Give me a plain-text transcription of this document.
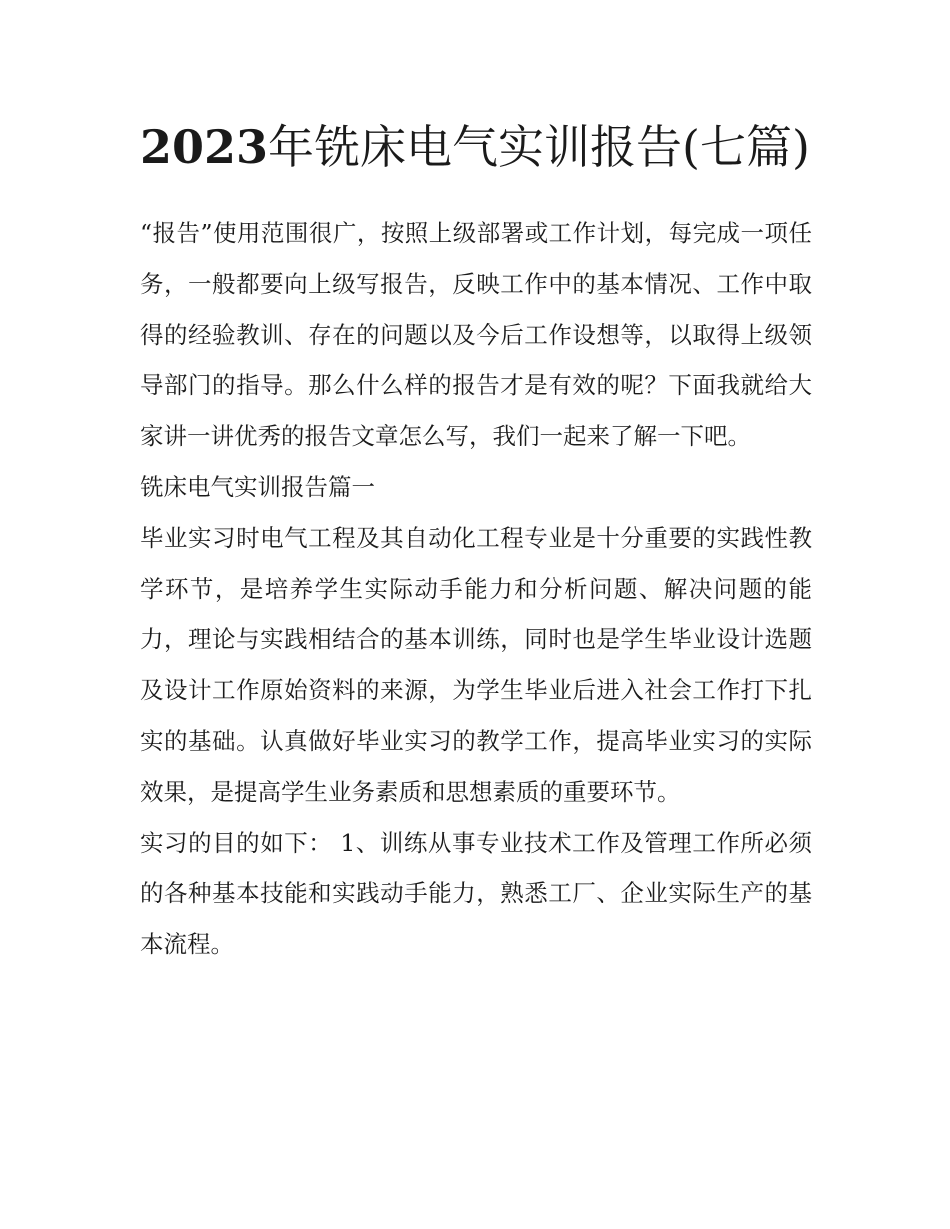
2023年铣床电气实训报告(七篇)

“报告”使用范围很广，按照上级部署或工作计划，每完成一项任务，一般都要向上级写报告，反映工作中的基本情况、工作中取得的经验教训、存在的问题以及今后工作设想等，以取得上级领导部门的指导。那么什么样的报告才是有效的呢？下面我就给大家讲一讲优秀的报告文章怎么写，我们一起来了解一下吧。

铣床电气实训报告篇一

毕业实习时电气工程及其自动化工程专业是十分重要的实践性教学环节，是培养学生实际动手能力和分析问题、解决问题的能力，理论与实践相结合的基本训练，同时也是学生毕业设计选题及设计工作原始资料的来源，为学生毕业后进入社会工作打下扎实的基础。认真做好毕业实习的教学工作，提高毕业实习的实际效果，是提高学生业务素质和思想素质的重要环节。

实习的目的如下： 1、训练从事专业技术工作及管理工作所必须的各种基本技能和实践动手能力，熟悉工厂、企业实际生产的基本流程。
